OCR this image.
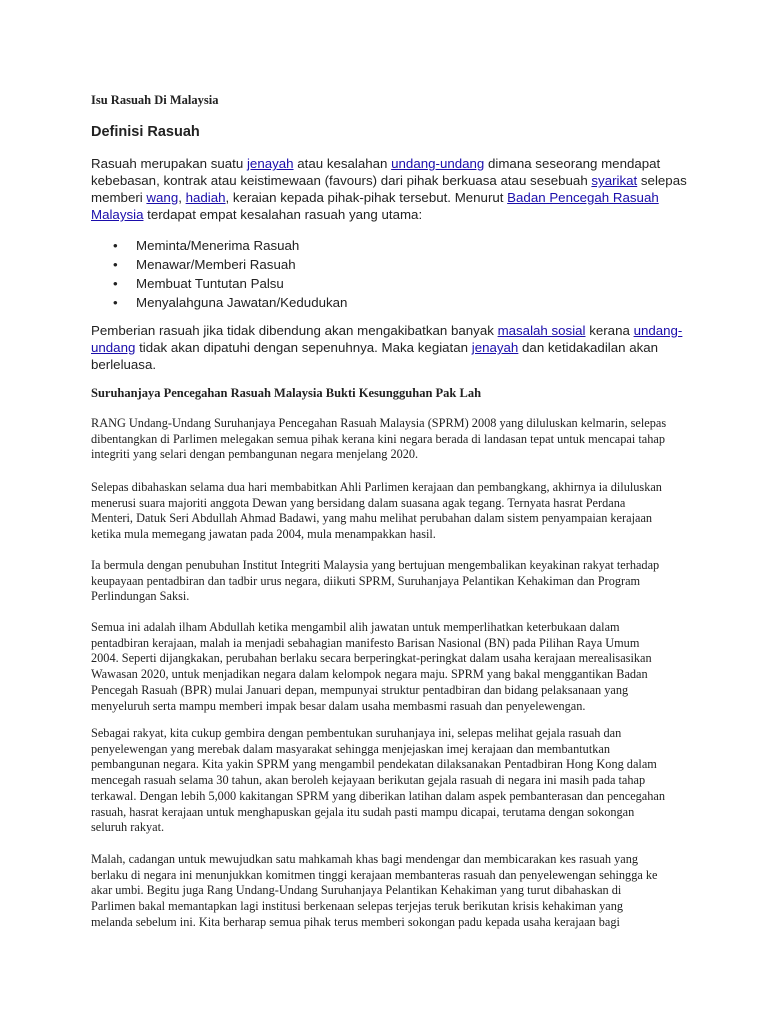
Isu Rasuah Di Malaysia
Definisi Rasuah
Rasuah merupakan suatu jenayah atau kesalahan undang-undang dimana seseorang mendapat
kebebasan, kontrak atau keistimewaan (favours) dari pihak berkuasa atau sesebuah syarikat selepas
memberi wang, hadiah, keraian kepada pihak-pihak tersebut. Menurut Badan Pencegah Rasuah
Malaysia terdapat empat kesalahan rasuah yang utama:
• Meminta/Menerima Rasuah
• Menawar/Memberi Rasuah
• Membuat Tuntutan Palsu
• Menyalahguna Jawatan/Kedudukan
Pemberian rasuah jika tidak dibendung akan mengakibatkan banyak masalah sosial kerana undang-
undang tidak akan dipatuhi dengan sepenuhnya. Maka kegiatan jenayah dan ketidakadilan akan
berleluasa.
Suruhanjaya Pencegahan Rasuah Malaysia Bukti Kesungguhan Pak Lah
RANG Undang-Undang Suruhanjaya Pencegahan Rasuah Malaysia (SPRM) 2008 yang diluluskan kelmarin, selepas
dibentangkan di Parlimen melegakan semua pihak kerana kini negara berada di landasan tepat untuk mencapai tahap
integriti yang selari dengan pembangunan negara menjelang 2020.
Selepas dibahaskan selama dua hari membabitkan Ahli Parlimen kerajaan dan pembangkang, akhirnya ia diluluskan
menerusi suara majoriti anggota Dewan yang bersidang dalam suasana agak tegang. Ternyata hasrat Perdana
Menteri, Datuk Seri Abdullah Ahmad Badawi, yang mahu melihat perubahan dalam sistem penyampaian kerajaan
ketika mula memegang jawatan pada 2004, mula menampakkan hasil.
Ia bermula dengan penubuhan Institut Integriti Malaysia yang bertujuan mengembalikan keyakinan rakyat terhadap
keupayaan pentadbiran dan tadbir urus negara, diikuti SPRM, Suruhanjaya Pelantikan Kehakiman dan Program
Perlindungan Saksi.
Semua ini adalah ilham Abdullah ketika mengambil alih jawatan untuk memperlihatkan keterbukaan dalam
pentadbiran kerajaan, malah ia menjadi sebahagian manifesto Barisan Nasional (BN) pada Pilihan Raya Umum
2004. Seperti dijangkakan, perubahan berlaku secara berperingkat-peringkat dalam usaha kerajaan merealisasikan
Wawasan 2020, untuk menjadikan negara dalam kelompok negara maju. SPRM yang bakal menggantikan Badan
Pencegah Rasuah (BPR) mulai Januari depan, mempunyai struktur pentadbiran dan bidang pelaksanaan yang
menyeluruh serta mampu memberi impak besar dalam usaha membasmi rasuah dan penyelewengan.
Sebagai rakyat, kita cukup gembira dengan pembentukan suruhanjaya ini, selepas melihat gejala rasuah dan
penyelewengan yang merebak dalam masyarakat sehingga menjejaskan imej kerajaan dan membantutkan
pembangunan negara. Kita yakin SPRM yang mengambil pendekatan dilaksanakan Pentadbiran Hong Kong dalam
mencegah rasuah selama 30 tahun, akan beroleh kejayaan berikutan gejala rasuah di negara ini masih pada tahap
terkawal. Dengan lebih 5,000 kakitangan SPRM yang diberikan latihan dalam aspek pembanterasan dan pencegahan
rasuah, hasrat kerajaan untuk menghapuskan gejala itu sudah pasti mampu dicapai, terutama dengan sokongan
seluruh rakyat.
Malah, cadangan untuk mewujudkan satu mahkamah khas bagi mendengar dan membicarakan kes rasuah yang
berlaku di negara ini menunjukkan komitmen tinggi kerajaan membanteras rasuah dan penyelewengan sehingga ke
akar umbi. Begitu juga Rang Undang-Undang Suruhanjaya Pelantikan Kehakiman yang turut dibahaskan di
Parlimen bakal memantapkan lagi institusi berkenaan selepas terjejas teruk berikutan krisis kehakiman yang
melanda sebelum ini. Kita berharap semua pihak terus memberi sokongan padu kepada usaha kerajaan bagi
